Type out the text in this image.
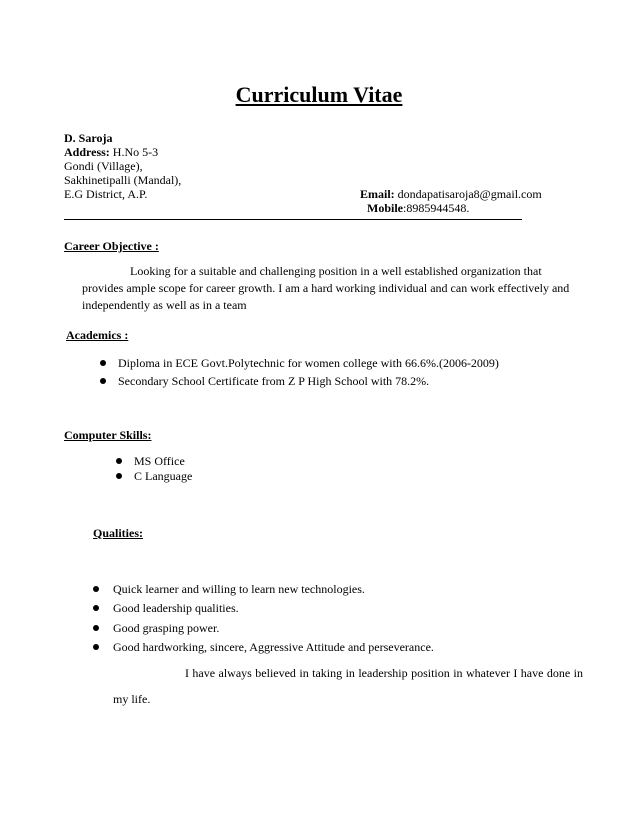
Curriculum Vitae
D. Saroja
Address: H.No 5-3
Gondi (Village),
Sakhinetipalli (Mandal),
E.G District, A.P.	Email: dondapatisaroja8@gmail.com
Mobile:8985944548.
Career Objective :
Looking for a suitable and challenging position in a well established organization that provides ample scope for career growth. I am a hard working individual and can work effectively and independently as well as in a team
Academics :
Diploma in ECE Govt.Polytechnic for women college with 66.6%.(2006-2009)
Secondary School Certificate from Z P High School with 78.2%.
Computer Skills:
MS Office
C Language
Qualities:
Quick learner and willing to learn new technologies.
Good leadership qualities.
Good grasping power.
Good hardworking, sincere, Aggressive Attitude and perseverance.
I have always believed in taking in leadership position in whatever I have done in my life.
